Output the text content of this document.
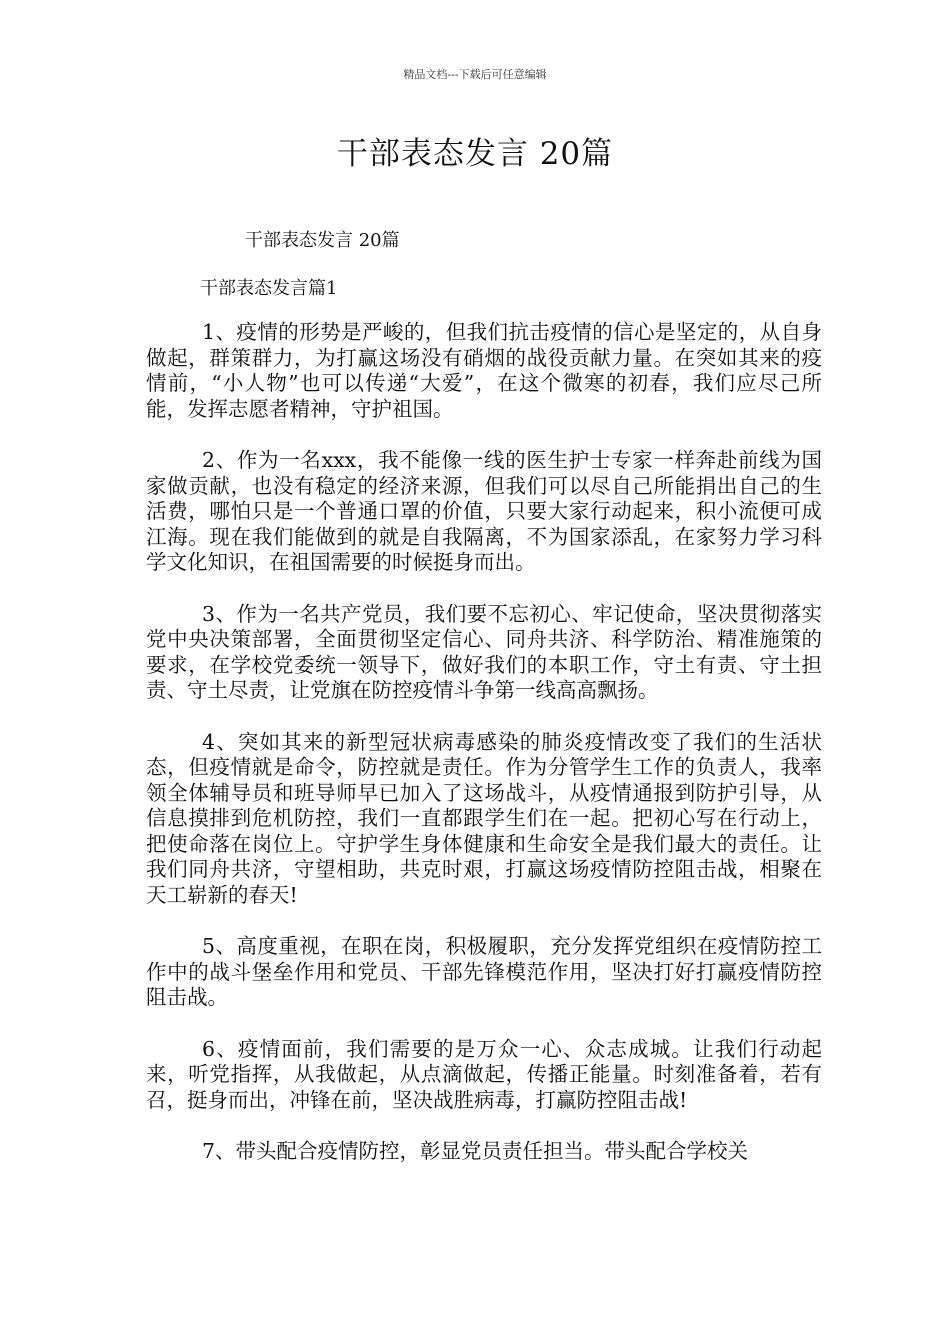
精品文档---下载后可任意编辑
干部表态发言 20篇
干部表态发言 20篇
干部表态发言篇1

1、疫情的形势是严峻的，但我们抗击疫情的信心是坚定的，从自身做起，群策群力，为打赢这场没有硝烟的战役贡献力量。在突如其来的疫情前，“小人物”也可以传递“大爱”，在这个微寒的初春，我们应尽己所能，发挥志愿者精神，守护祖国。

2、作为一名xxx，我不能像一线的医生护士专家一样奔赴前线为国家做贡献，也没有稳定的经济来源，但我们可以尽自己所能捐出自己的生活费，哪怕只是一个普通口罩的价值，只要大家行动起来，积小流便可成江海。现在我们能做到的就是自我隔离，不为国家添乱，在家努力学习科学文化知识，在祖国需要的时候挺身而出。

3、作为一名共产党员，我们要不忘初心、牢记使命，坚决贯彻落实党中央决策部署，全面贯彻坚定信心、同舟共济、科学防治、精准施策的要求，在学校党委统一领导下，做好我们的本职工作，守土有责、守土担责、守土尽责，让党旗在防控疫情斗争第一线高高飘扬。

4、突如其来的新型冠状病毒感染的肺炎疫情改变了我们的生活状态，但疫情就是命令，防控就是责任。作为分管学生工作的负责人，我率领全体辅导员和班导师早已加入了这场战斗，从疫情通报到防护引导，从信息摸排到危机防控，我们一直都跟学生们在一起。把初心写在行动上，把使命落在岗位上。守护学生身体健康和生命安全是我们最大的责任。让我们同舟共济，守望相助，共克时艰，打赢这场疫情防控阻击战，相聚在天工崭新的春天!

5、高度重视，在职在岗，积极履职，充分发挥党组织在疫情防控工作中的战斗堡垒作用和党员、干部先锋模范作用，坚决打好打赢疫情防控阻击战。

6、疫情面前，我们需要的是万众一心、众志成城。让我们行动起来，听党指挥，从我做起，从点滴做起，传播正能量。时刻准备着，若有召，挺身而出，冲锋在前，坚决战胜病毒，打赢防控阻击战!

7、带头配合疫情防控，彰显党员责任担当。带头配合学校关
